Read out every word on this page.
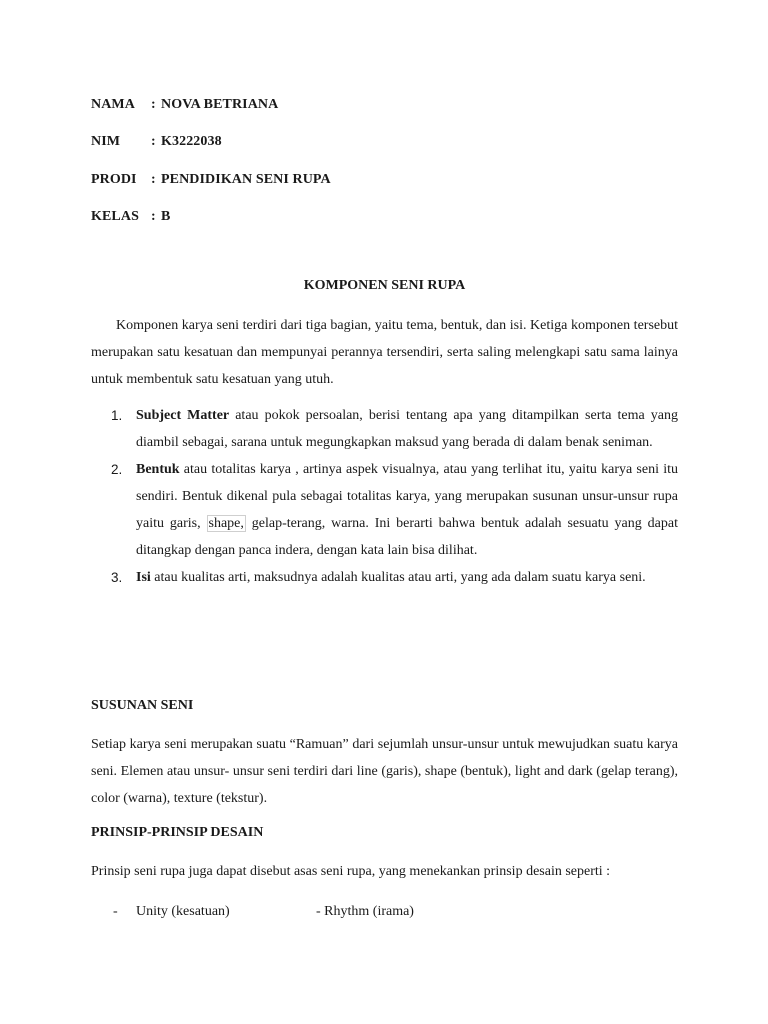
NAMA	: NOVA BETRIANA
NIM	: K3222038
PRODI	: PENDIDIKAN SENI RUPA
KELAS : B
KOMPONEN SENI RUPA
Komponen karya seni terdiri dari tiga bagian, yaitu tema, bentuk, dan isi. Ketiga komponen tersebut merupakan satu kesatuan dan mempunyai perannya tersendiri, serta saling melengkapi satu sama lainya untuk membentuk satu kesatuan yang utuh.
1. Subject Matter atau pokok persoalan, berisi tentang apa yang ditampilkan serta tema yang diambil sebagai, sarana untuk megungkapkan maksud yang berada di dalam benak seniman.
2. Bentuk atau totalitas karya , artinya aspek visualnya, atau yang terlihat itu, yaitu karya seni itu sendiri. Bentuk dikenal pula sebagai totalitas karya, yang merupakan susunan unsur-unsur rupa yaitu garis, shape, gelap-terang, warna. Ini berarti bahwa bentuk adalah sesuatu yang dapat ditangkap dengan panca indera, dengan kata lain bisa dilihat.
3. Isi atau kualitas arti, maksudnya adalah kualitas atau arti, yang ada dalam suatu karya seni.
SUSUNAN SENI
Setiap karya seni merupakan suatu “Ramuan” dari sejumlah unsur-unsur untuk mewujudkan suatu karya seni. Elemen atau unsur- unsur seni terdiri dari line (garis), shape (bentuk), light and dark (gelap terang), color (warna), texture (tekstur).
PRINSIP-PRINSIP DESAIN
Prinsip seni rupa juga dapat disebut asas seni rupa, yang menekankan prinsip desain seperti :
- Unity (kesatuan)	- Rhythm (irama)
